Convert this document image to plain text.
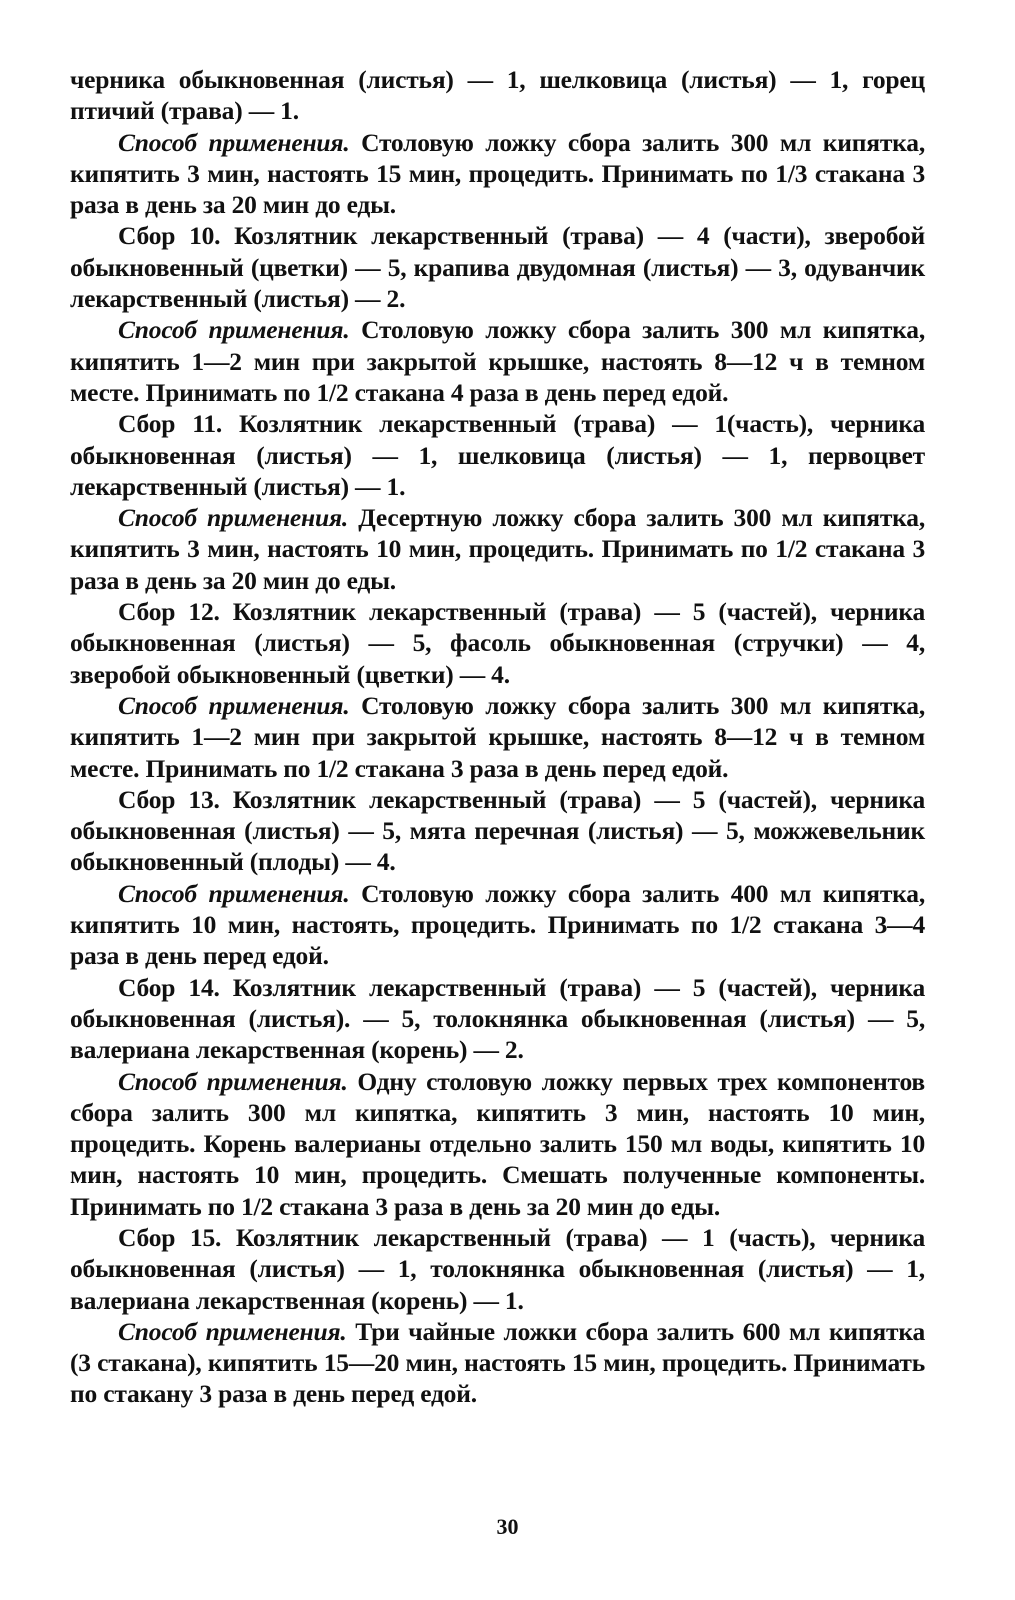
черника обыкновенная (листья) — 1, шелковица (листья) — 1, горец птичий (трава) — 1.

Способ применения. Столовую ложку сбора залить 300 мл кипятка, кипятить 3 мин, настоять 15 мин, процедить. Принимать по 1/3 стакана 3 раза в день за 20 мин до еды.

Сбор 10. Козлятник лекарственный (трава) — 4 (части), зверобой обыкновенный (цветки) — 5, крапива двудомная (листья) — 3, одуванчик лекарственный (листья) — 2.

Способ применения. Столовую ложку сбора залить 300 мл кипятка, кипятить 1—2 мин при закрытой крышке, настоять 8—12 ч в темном месте. Принимать по 1/2 стакана 4 раза в день перед едой.

Сбор 11. Козлятник лекарственный (трава) — 1(часть), черника обыкновенная (листья) — 1, шелковица (листья) — 1, первоцвет лекарственный (листья) — 1.

Способ применения. Десертную ложку сбора залить 300 мл кипятка, кипятить 3 мин, настоять 10 мин, процедить. Принимать по 1/2 стакана 3 раза в день за 20 мин до еды.

Сбор 12. Козлятник лекарственный (трава) — 5 (частей), черника обыкновенная (листья) — 5, фасоль обыкновенная (стручки) — 4, зверобой обыкновенный (цветки) — 4.

Способ применения. Столовую ложку сбора залить 300 мл кипятка, кипятить 1—2 мин при закрытой крышке, настоять 8—12 ч в темном месте. Принимать по 1/2 стакана 3 раза в день перед едой.

Сбор 13. Козлятник лекарственный (трава) — 5 (частей), черника обыкновенная (листья) — 5, мята перечная (листья) — 5, можжевельник обыкновенный (плоды) — 4.

Способ применения. Столовую ложку сбора залить 400 мл кипятка, кипятить 10 мин, настоять, процедить. Принимать по 1/2 стакана 3—4 раза в день перед едой.

Сбор 14. Козлятник лекарственный (трава) — 5 (частей), черника обыкновенная (листья). — 5, толокнянка обыкновенная (листья) — 5, валериана лекарственная (корень) — 2.

Способ применения. Одну столовую ложку первых трех компонентов сбора залить 300 мл кипятка, кипятить 3 мин, настоять 10 мин, процедить. Корень валерианы отдельно залить 150 мл воды, кипятить 10 мин, настоять 10 мин, процедить. Смешать полученные компоненты. Принимать по 1/2 стакана 3 раза в день за 20 мин до еды.

Сбор 15. Козлятник лекарственный (трава) — 1 (часть), черника обыкновенная (листья) — 1, толокнянка обыкновенная (листья) — 1, валериана лекарственная (корень) — 1.

Способ применения. Три чайные ложки сбора залить 600 мл кипятка (3 стакана), кипятить 15—20 мин, настоять 15 мин, процедить. Принимать по стакану 3 раза в день перед едой.

30
